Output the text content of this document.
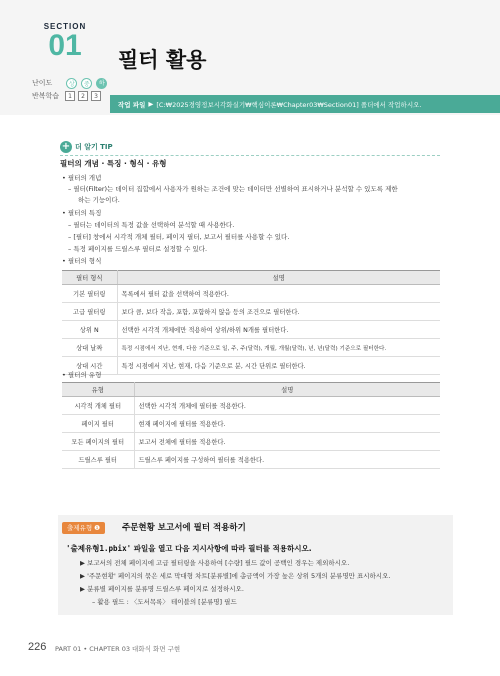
SECTION
01	필터 활용
난이도	상	중	하
반복학습	1	2	3
작업 파일 ▶ [C:₩2025경영정보시각화실기₩핵심이론₩Chapter03₩Section01] 폴더에서 작업하시오.
+ 더 알기 TIP
필터의 개념 · 특징 · 형식 · 유형
• 필터의 개념
– 필터(Filter)는 데이터 집합에서 사용자가 원하는 조건에 맞는 데이터만 선별하여 표시하거나 분석할 수 있도록 제한
하는 기능이다.
• 필터의 특징
– 필터는 데이터의 특정 값을 선택하여 분석할 때 사용한다.
– [필터] 창에서 시각적 개체 필터, 페이지 필터, 보고서 필터를 사용할 수 있다.
– 특정 페이지를 드릴스루 필터로 설정할 수 있다.
• 필터의 형식
필터 형식	설명
기본 필터링	목록에서 필터 값을 선택하여 적용한다.
고급 필터링	보다 큼, 보다 작음, 포함, 포함하지 않음 등의 조건으로 필터한다.
상위 N	선택한 시각적 개체에만 적용하여 상위/하위 N개를 필터한다.
상대 날짜	특정 시점에서 지난, 현재, 다음 기준으로 일, 주, 주(달력), 개월, 개월(달력), 년, 년(달력) 기준으로 필터한다.
상대 시간	특정 시점에서 지난, 현재, 다음 기준으로 분, 시간 단위로 필터한다.
• 필터의 유형
유형	설명
시각적 개체 필터	선택한 시각적 개체에 필터를 적용한다.
페이지 필터	현재 페이지에 필터를 적용한다.
모든 페이지의 필터	보고서 전체에 필터를 적용한다.
드릴스루 필터	드릴스루 페이지를 구성하여 필터를 적용한다.
출제유형 ❶	주문현황 보고서에 필터 적용하기
'출제유형1.pbix' 파일을 열고 다음 지시사항에 따라 필터를 적용하시오.
▶ 보고서의 전체 페이지에 고급 필터링을 사용하여 [수량] 필드 값이 공백인 경우는 제외하시오.
▶ '주문현황' 페이지의 묶은 세로 막대형 차트[분류별]에 총금액이 가장 높은 상위 5개의 분류명만 표시하시오.
▶ 분류별 페이지를 분류명 드릴스루 페이지로 설정하시오.
– 활용 필드 : 〈도서목록〉 테이블의 [분류명] 필드
226 PART 01 • CHAPTER 03 대화식 화면 구현
